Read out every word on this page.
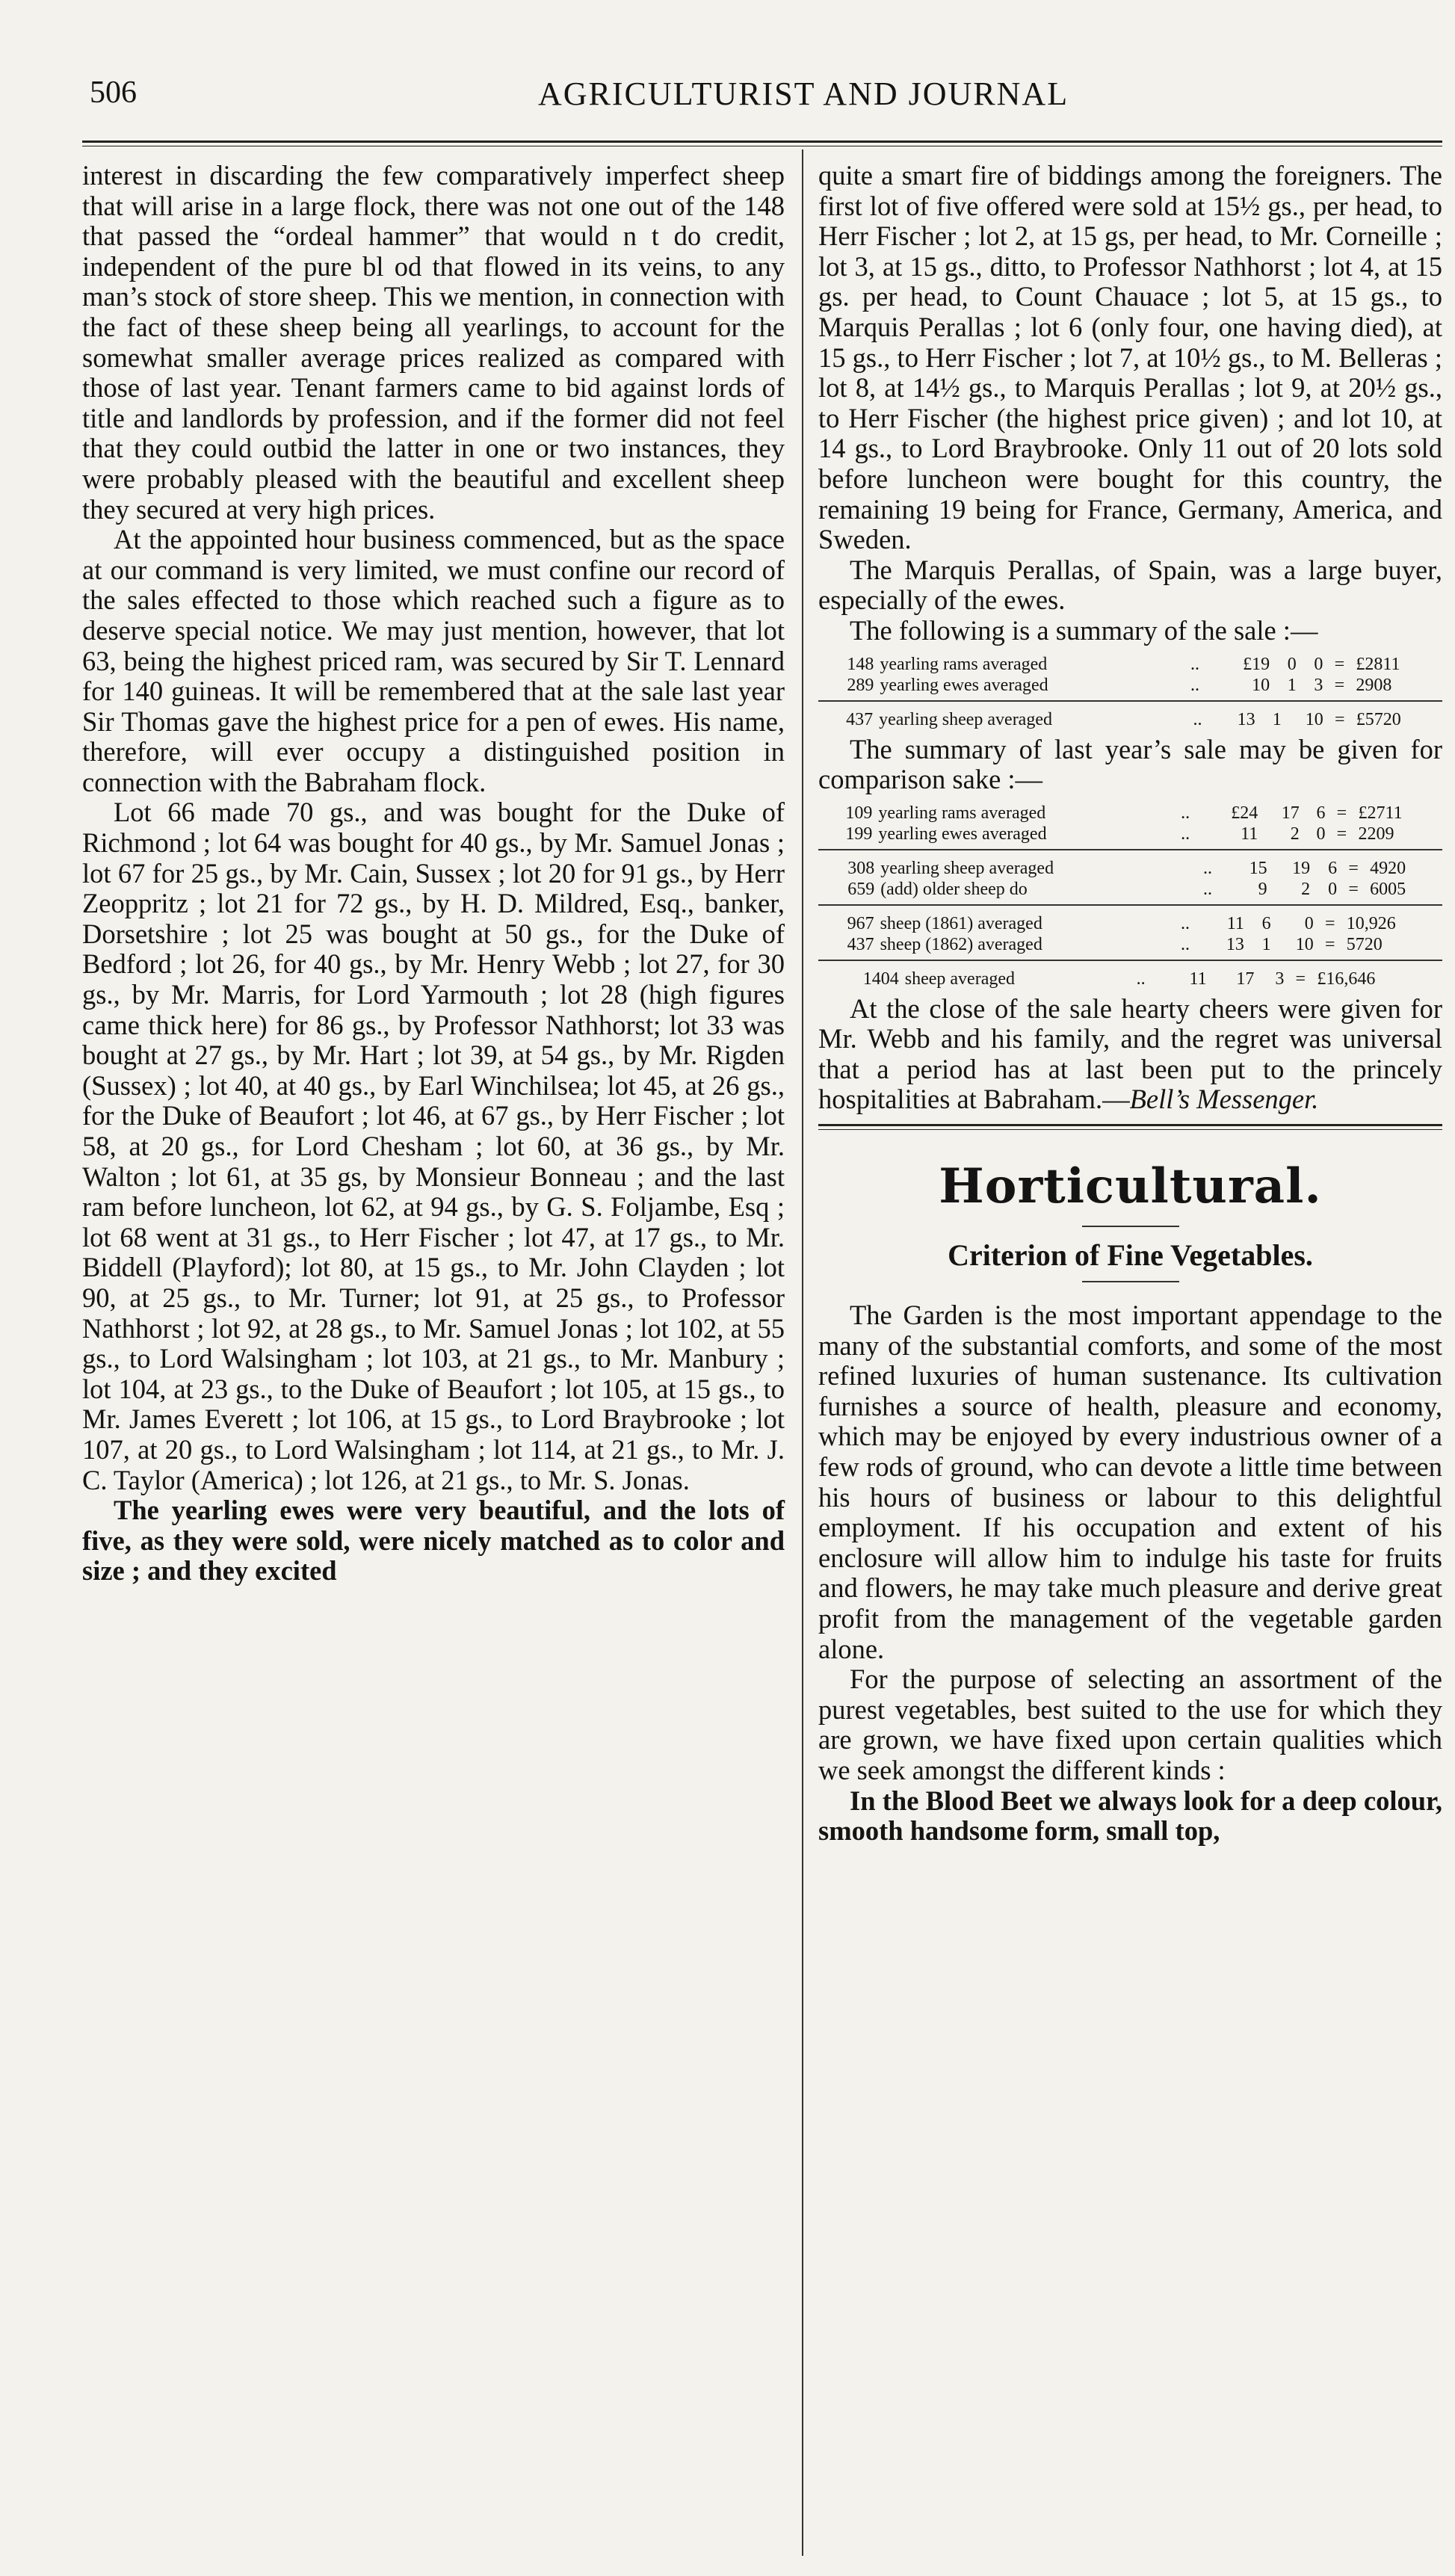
506	AGRICULTURIST AND JOURNAL

interest in discarding the few comparatively imperfect sheep that will arise in a large flock, there was not one out of the 148 that passed the “ordeal hammer” that would n t do credit, independent of the pure bl od that flowed in its veins, to any man’s stock of store sheep. This we mention, in connection with the fact of these sheep being all yearlings, to account for the somewhat smaller average prices realized as compared with those of last year. Tenant farmers came to bid against lords of title and landlords by profession, and if the former did not feel that they could outbid the latter in one or two instances, they were probably pleased with the beautiful and excellent sheep they secured at very high prices.

At the appointed hour business commenced, but as the space at our command is very limited, we must confine our record of the sales effected to those which reached such a figure as to deserve special notice. We may just mention, however, that lot 63, being the highest priced ram, was secured by Sir T. Lennard for 140 guineas. It will be remembered that at the sale last year Sir Thomas gave the highest price for a pen of ewes. His name, therefore, will ever occupy a distinguished position in connection with the Babraham flock.

Lot 66 made 70 gs., and was bought for the Duke of Richmond ; lot 64 was bought for 40 gs., by Mr. Samuel Jonas ; lot 67 for 25 gs., by Mr. Cain, Sussex ; lot 20 for 91 gs., by Herr Zeoppritz ; lot 21 for 72 gs., by H. D. Mildred, Esq., banker, Dorsetshire ; lot 25 was bought at 50 gs., for the Duke of Bedford ; lot 26, for 40 gs., by Mr. Henry Webb ; lot 27, for 30 gs., by Mr. Marris, for Lord Yarmouth ; lot 28 (high figures came thick here) for 86 gs., by Professor Nathhorst; lot 33 was bought at 27 gs., by Mr. Hart ; lot 39, at 54 gs., by Mr. Rigden (Sussex) ; lot 40, at 40 gs., by Earl Winchilsea; lot 45, at 26 gs., for the Duke of Beaufort ; lot 46, at 67 gs., by Herr Fischer ; lot 58, at 20 gs., for Lord Chesham ; lot 60, at 36 gs., by Mr. Walton ; lot 61, at 35 gs, by Monsieur Bonneau ; and the last ram before luncheon, lot 62, at 94 gs., by G. S. Foljambe, Esq ; lot 68 went at 31 gs., to Herr Fischer ; lot 47, at 17 gs., to Mr. Biddell (Playford); lot 80, at 15 gs., to Mr. John Clayden ; lot 90, at 25 gs., to Mr. Turner; lot 91, at 25 gs., to Professor Nathhorst ; lot 92, at 28 gs., to Mr. Samuel Jonas ; lot 102, at 55 gs., to Lord Walsingham ; lot 103, at 21 gs., to Mr. Manbury ; lot 104, at 23 gs., to the Duke of Beaufort ; lot 105, at 15 gs., to Mr. James Everett ; lot 106, at 15 gs., to Lord Braybrooke ; lot 107, at 20 gs., to Lord Walsingham ; lot 114, at 21 gs., to Mr. J. C. Taylor (America) ; lot 126, at 21 gs., to Mr. S. Jonas.

The yearling ewes were very beautiful, and the lots of five, as they were sold, were nicely matched as to color and size ; and they excited

quite a smart fire of biddings among the foreigners. The first lot of five offered were sold at 15½ gs., per head, to Herr Fischer ; lot 2, at 15 gs, per head, to Mr. Corneille ; lot 3, at 15 gs., ditto, to Professor Nathhorst ; lot 4, at 15 gs. per head, to Count Chauace ; lot 5, at 15 gs., to Marquis Perallas ; lot 6 (only four, one having died), at 15 gs., to Herr Fischer ; lot 7, at 10½ gs., to M. Belleras ; lot 8, at 14½ gs., to Marquis Perallas ; lot 9, at 20½ gs., to Herr Fischer (the highest price given) ; and lot 10, at 14 gs., to Lord Braybrooke. Only 11 out of 20 lots sold before luncheon were bought for this country, the remaining 19 being for France, Germany, America, and Sweden.

The Marquis Perallas, of Spain, was a large buyer, especially of the ewes.

The following is a summary of the sale :—

148	yearling rams averaged	..	£19	0	0	=	£2811
289	yearling ewes averaged	..	10	1	3	=	2908
437	yearling sheep averaged	..	13	1	10	=	£5720

The summary of last year’s sale may be given for comparison sake :—

109	yearling rams averaged	..	£24	17	6	=	£2711
199	yearling ewes averaged	..	11	2	0	=	2209
308	yearling sheep averaged	..	15	19	6	=	4920
659	(add) older sheep do	..	9	2	0	=	6005
967	sheep (1861) averaged	..	11	6	0	=	10,926
437	sheep (1862) averaged	..	13	1	10	=	5720
1404	sheep averaged	..	11	17	3	=	£16,646

At the close of the sale hearty cheers were given for Mr. Webb and his family, and the regret was universal that a period has at last been put to the princely hospitalities at Babraham.—Bell’s Messenger.

Horticultural.
Criterion of Fine Vegetables.

The Garden is the most important appendage to the many of the substantial comforts, and some of the most refined luxuries of human sustenance. Its cultivation furnishes a source of health, pleasure and economy, which may be enjoyed by every industrious owner of a few rods of ground, who can devote a little time between his hours of business or labour to this delightful employment. If his occupation and extent of his enclosure will allow him to indulge his taste for fruits and flowers, he may take much pleasure and derive great profit from the management of the vegetable garden alone.

For the purpose of selecting an assortment of the purest vegetables, best suited to the use for which they are grown, we have fixed upon certain qualities which we seek amongst the different kinds :

In the Blood Beet we always look for a deep colour, smooth handsome form, small top,
